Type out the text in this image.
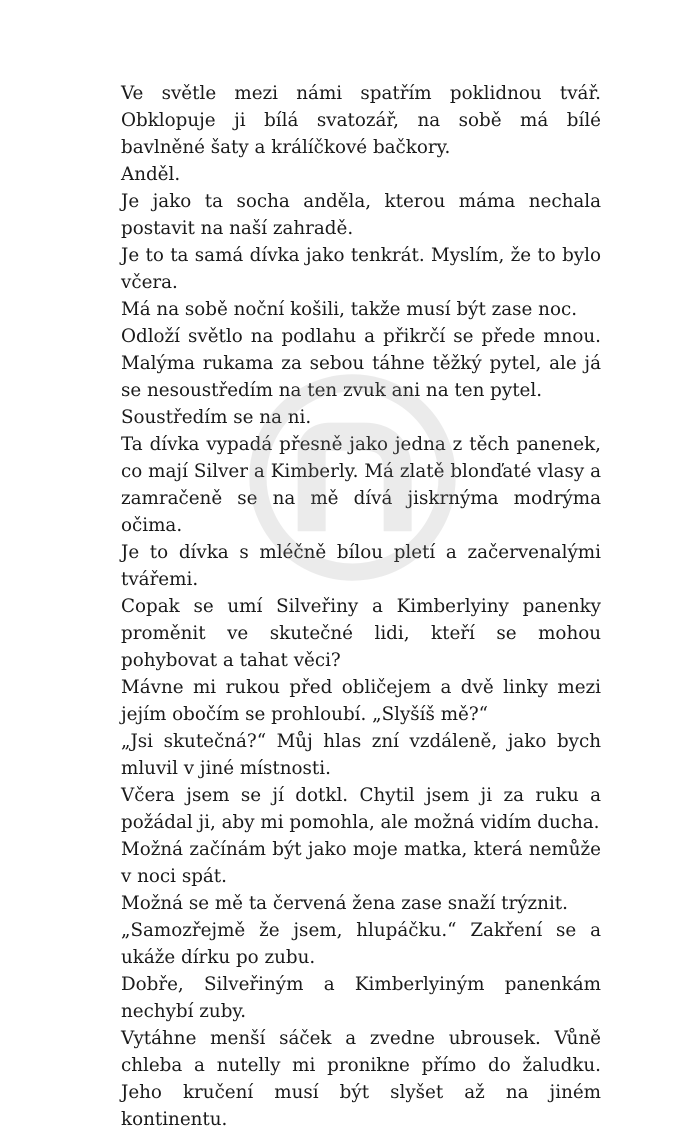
Ve světle mezi námi spatřím poklidnou tvář. Obklopuje ji bílá svatozář, na sobě má bílé bavlněné šaty a králíčkové bačkory.

Anděl.

Je jako ta socha anděla, kterou máma nechala postavit na naší zahradě.

Je to ta samá dívka jako tenkrát. Myslím, že to bylo včera.

Má na sobě noční košili, takže musí být zase noc.

Odloží světlo na podlahu a přikrčí se přede mnou. Malýma rukama za sebou táhne těžký pytel, ale já se nesoustředím na ten zvuk ani na ten pytel.

Soustředím se na ni.

Ta dívka vypadá přesně jako jedna z těch panenek, co mají Silver a Kimberly. Má zlatě blonďaté vlasy a zamračeně se na mě dívá jiskrnýma modrýma očima.

Je to dívka s mléčně bílou pletí a začervenalými tvářemi.

Copak se umí Silveřiny a Kimberlyiny panenky proměnit ve skutečné lidi, kteří se mohou pohybovat a tahat věci?

Mávne mi rukou před obličejem a dvě linky mezi jejím obočím se prohloubí. „Slyšíš mě?“

„Jsi skutečná?“ Můj hlas zní vzdáleně, jako bych mluvil v jiné místnosti.

Včera jsem se jí dotkl. Chytil jsem ji za ruku a požádal ji, aby mi pomohla, ale možná vidím ducha.

Možná začínám být jako moje matka, která nemůže v noci spát.

Možná se mě ta červená žena zase snaží trýznit.

„Samozřejmě že jsem, hlupáčku.“ Zakření se a ukáže dírku po zubu.

Dobře, Silveřiným a Kimberlyiným panenkám nechybí zuby.

Vytáhne menší sáček a zvedne ubrousek. Vůně chleba a nutelly mi pronikne přímo do žaludku. Jeho kručení musí být slyšet až na jiném kontinentu.
